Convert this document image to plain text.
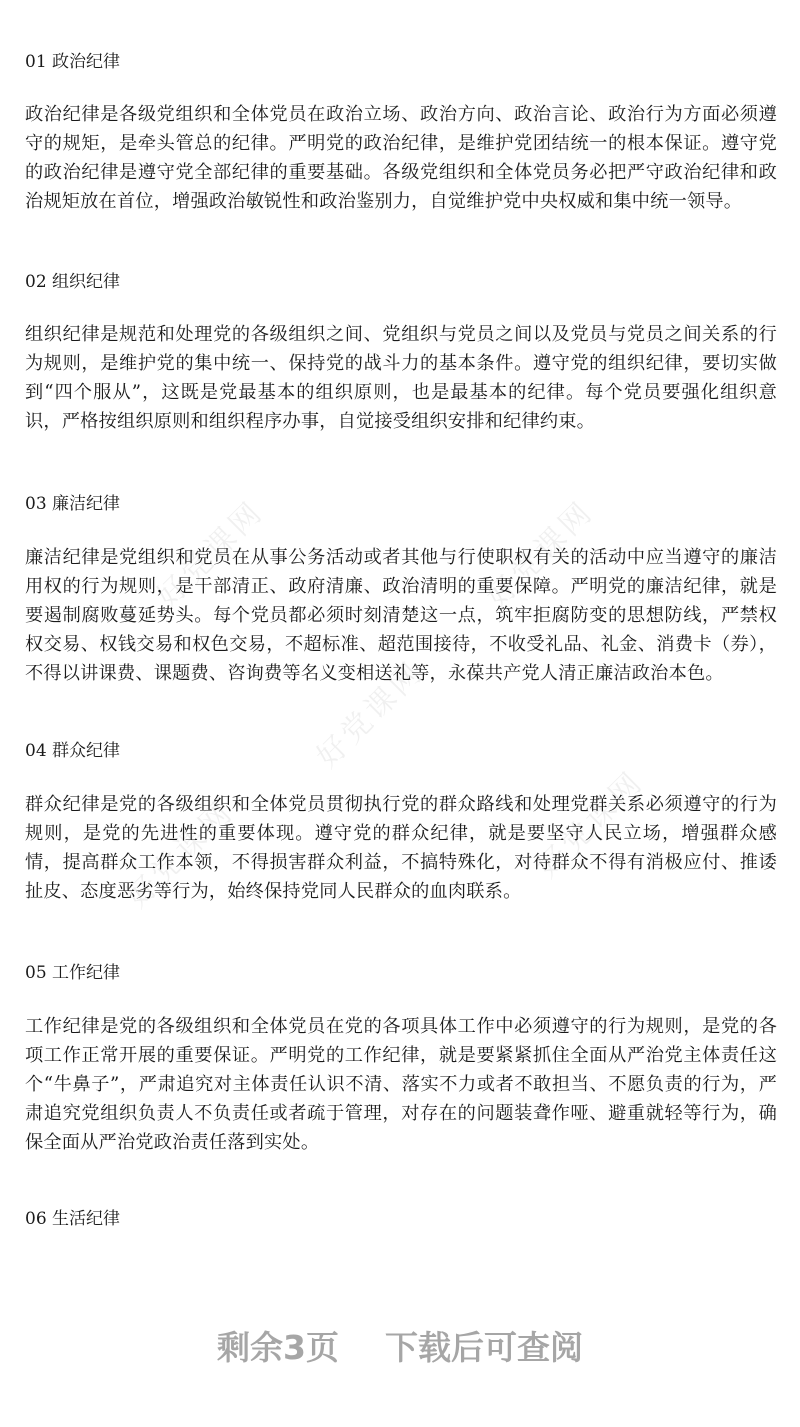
好党课网	好党课网
好党课网
好党课网	好党课网
01 政治纪律

政治纪律是各级党组织和全体党员在政治立场、政治方向、政治言论、政治行为方面必须遵守的规矩，是牵头管总的纪律。严明党的政治纪律，是维护党团结统一的根本保证。遵守党的政治纪律是遵守党全部纪律的重要基础。各级党组织和全体党员务必把严守政治纪律和政治规矩放在首位，增强政治敏锐性和政治鉴别力，自觉维护党中央权威和集中统一领导。

02 组织纪律

组织纪律是规范和处理党的各级组织之间、党组织与党员之间以及党员与党员之间关系的行为规则，是维护党的集中统一、保持党的战斗力的基本条件。遵守党的组织纪律，要切实做到“四个服从”，这既是党最基本的组织原则，也是最基本的纪律。每个党员要强化组织意识，严格按组织原则和组织程序办事，自觉接受组织安排和纪律约束。

03 廉洁纪律

廉洁纪律是党组织和党员在从事公务活动或者其他与行使职权有关的活动中应当遵守的廉洁用权的行为规则，是干部清正、政府清廉、政治清明的重要保障。严明党的廉洁纪律，就是要遏制腐败蔓延势头。每个党员都必须时刻清楚这一点，筑牢拒腐防变的思想防线，严禁权权交易、权钱交易和权色交易，不超标准、超范围接待，不收受礼品、礼金、消费卡（券），不得以讲课费、课题费、咨询费等名义变相送礼等，永葆共产党人清正廉洁政治本色。

04 群众纪律

群众纪律是党的各级组织和全体党员贯彻执行党的群众路线和处理党群关系必须遵守的行为规则，是党的先进性的重要体现。遵守党的群众纪律，就是要坚守人民立场，增强群众感情，提高群众工作本领，不得损害群众利益，不搞特殊化，对待群众不得有消极应付、推诿扯皮、态度恶劣等行为，始终保持党同人民群众的血肉联系。

05 工作纪律

工作纪律是党的各级组织和全体党员在党的各项具体工作中必须遵守的行为规则，是党的各项工作正常开展的重要保证。严明党的工作纪律，就是要紧紧抓住全面从严治党主体责任这个“牛鼻子”，严肃追究对主体责任认识不清、落实不力或者不敢担当、不愿负责的行为，严肃追究党组织负责人不负责任或者疏于管理，对存在的问题装聋作哑、避重就轻等行为，确保全面从严治党政治责任落到实处。

06 生活纪律
剩余3页 下载后可查阅
